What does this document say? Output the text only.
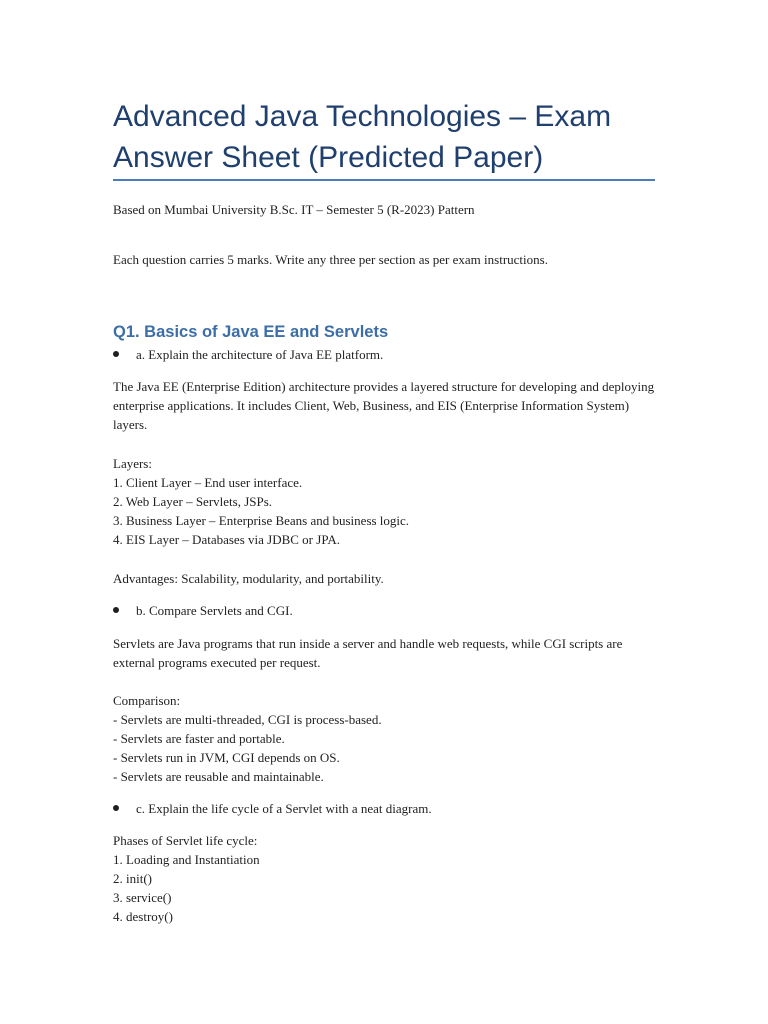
Advanced Java Technologies – Exam Answer Sheet (Predicted Paper)

Based on Mumbai University B.Sc. IT – Semester 5 (R-2023) Pattern

Each question carries 5 marks. Write any three per section as per exam instructions.

Q1. Basics of Java EE and Servlets
a. Explain the architecture of Java EE platform.

The Java EE (Enterprise Edition) architecture provides a layered structure for developing and deploying enterprise applications. It includes Client, Web, Business, and EIS (Enterprise Information System) layers.

Layers:
1. Client Layer – End user interface.
2. Web Layer – Servlets, JSPs.
3. Business Layer – Enterprise Beans and business logic.
4. EIS Layer – Databases via JDBC or JPA.

Advantages: Scalability, modularity, and portability.

b. Compare Servlets and CGI.

Servlets are Java programs that run inside a server and handle web requests, while CGI scripts are external programs executed per request.

Comparison:
- Servlets are multi-threaded, CGI is process-based.
- Servlets are faster and portable.
- Servlets run in JVM, CGI depends on OS.
- Servlets are reusable and maintainable.

c. Explain the life cycle of a Servlet with a neat diagram.

Phases of Servlet life cycle:
1. Loading and Instantiation
2. init()
3. service()
4. destroy()
